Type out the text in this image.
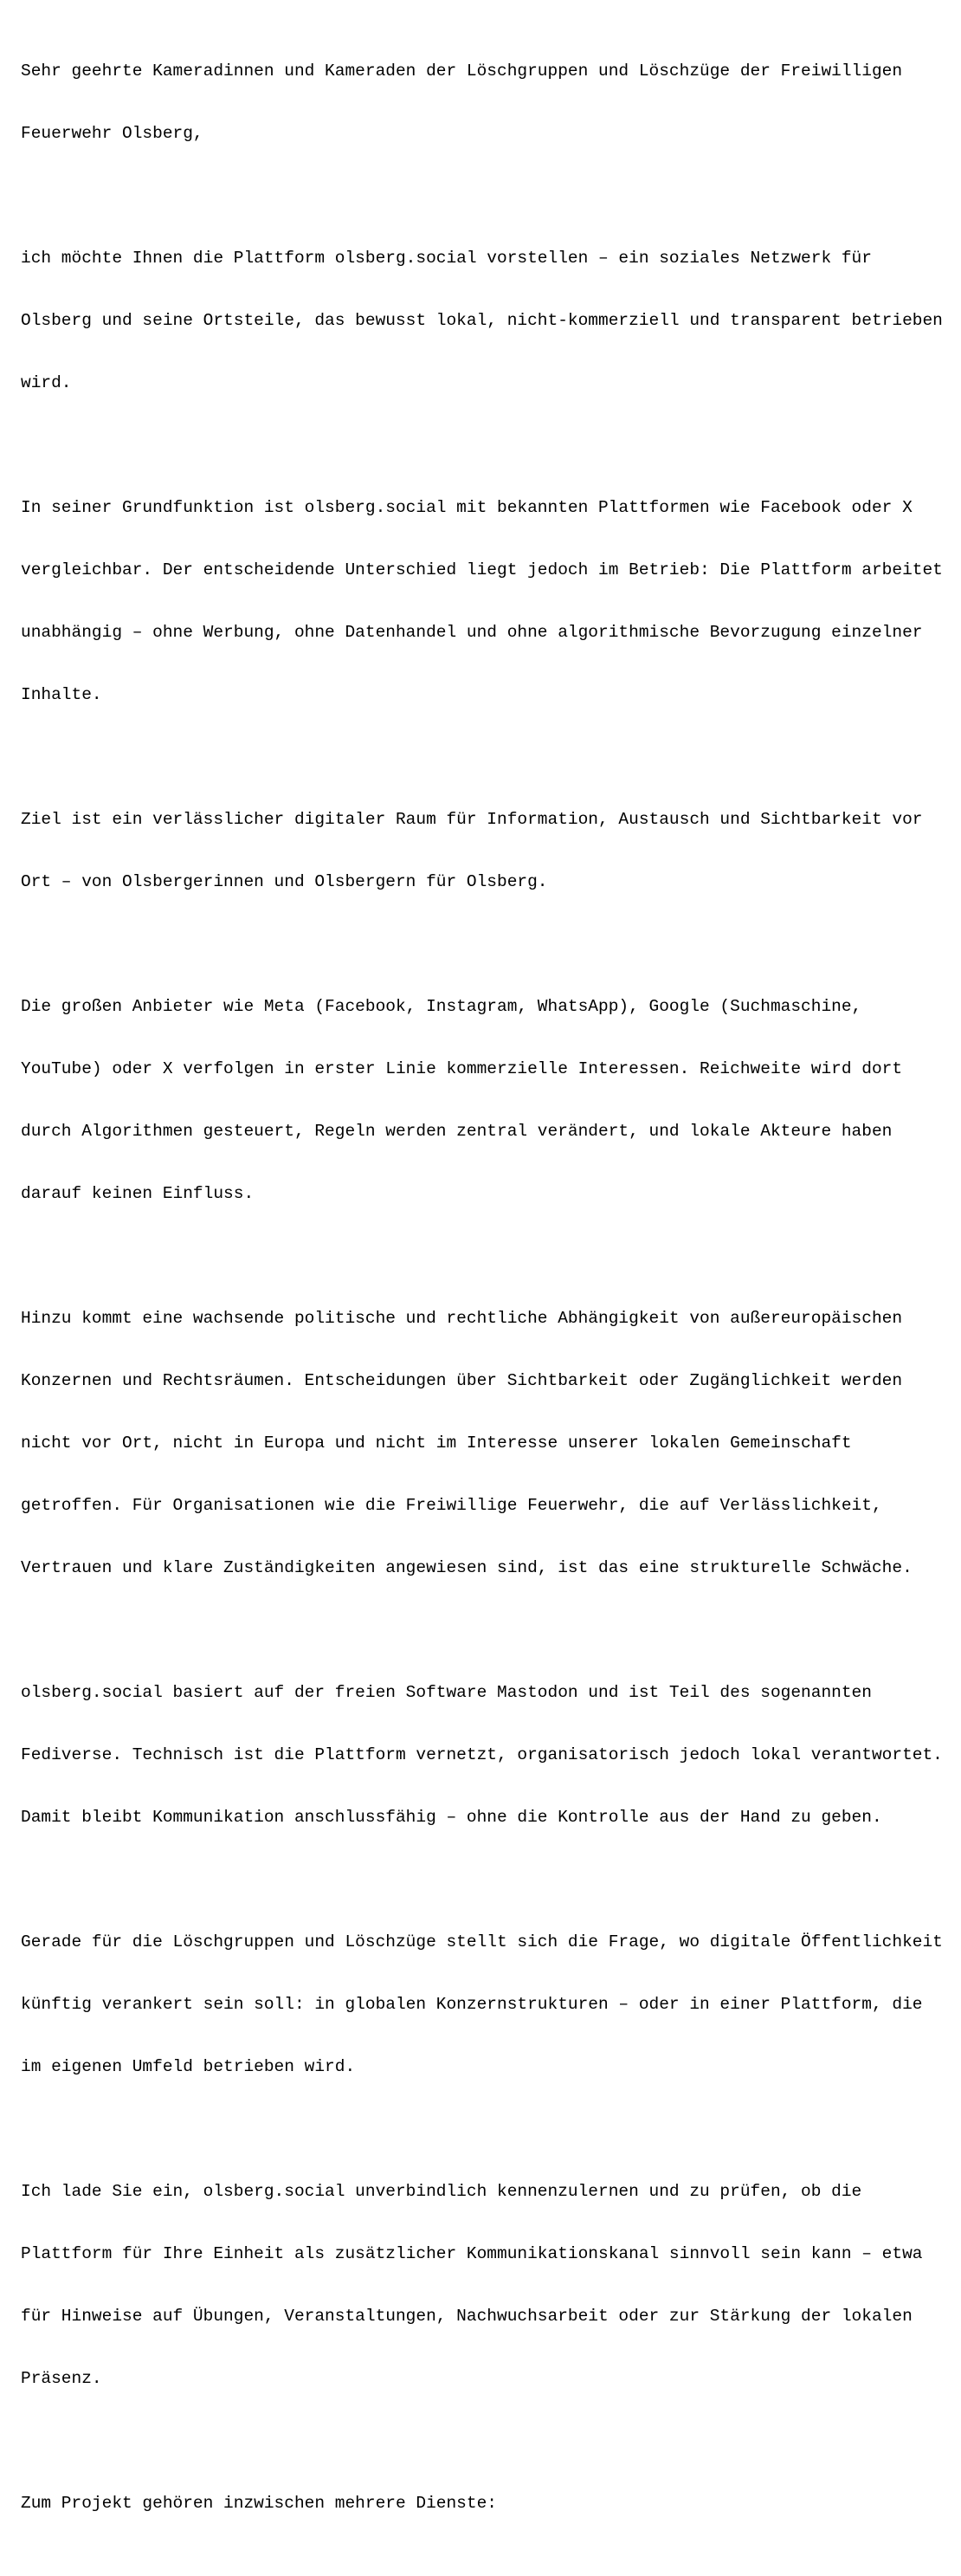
Sehr geehrte Kameradinnen und Kameraden der Löschgruppen und Löschzüge der Freiwilligen

Feuerwehr Olsberg,

ich möchte Ihnen die Plattform olsberg.social vorstellen – ein soziales Netzwerk für

Olsberg und seine Ortsteile, das bewusst lokal, nicht-kommerziell und transparent betrieben

wird.

In seiner Grundfunktion ist olsberg.social mit bekannten Plattformen wie Facebook oder X

vergleichbar. Der entscheidende Unterschied liegt jedoch im Betrieb: Die Plattform arbeitet

unabhängig – ohne Werbung, ohne Datenhandel und ohne algorithmische Bevorzugung einzelner

Inhalte.

Ziel ist ein verlässlicher digitaler Raum für Information, Austausch und Sichtbarkeit vor

Ort – von Olsbergerinnen und Olsbergern für Olsberg.

Die großen Anbieter wie Meta (Facebook, Instagram, WhatsApp), Google (Suchmaschine,

YouTube) oder X verfolgen in erster Linie kommerzielle Interessen. Reichweite wird dort

durch Algorithmen gesteuert, Regeln werden zentral verändert, und lokale Akteure haben

darauf keinen Einfluss.

Hinzu kommt eine wachsende politische und rechtliche Abhängigkeit von außereuropäischen

Konzernen und Rechtsräumen. Entscheidungen über Sichtbarkeit oder Zugänglichkeit werden

nicht vor Ort, nicht in Europa und nicht im Interesse unserer lokalen Gemeinschaft

getroffen. Für Organisationen wie die Freiwillige Feuerwehr, die auf Verlässlichkeit,

Vertrauen und klare Zuständigkeiten angewiesen sind, ist das eine strukturelle Schwäche.

olsberg.social basiert auf der freien Software Mastodon und ist Teil des sogenannten

Fediverse. Technisch ist die Plattform vernetzt, organisatorisch jedoch lokal verantwortet.

Damit bleibt Kommunikation anschlussfähig – ohne die Kontrolle aus der Hand zu geben.

Gerade für die Löschgruppen und Löschzüge stellt sich die Frage, wo digitale Öffentlichkeit

künftig verankert sein soll: in globalen Konzernstrukturen – oder in einer Plattform, die

im eigenen Umfeld betrieben wird.

Ich lade Sie ein, olsberg.social unverbindlich kennenzulernen und zu prüfen, ob die

Plattform für Ihre Einheit als zusätzlicher Kommunikationskanal sinnvoll sein kann – etwa

für Hinweise auf Übungen, Veranstaltungen, Nachwuchsarbeit oder zur Stärkung der lokalen

Präsenz.

Zum Projekt gehören inzwischen mehrere Dienste:
